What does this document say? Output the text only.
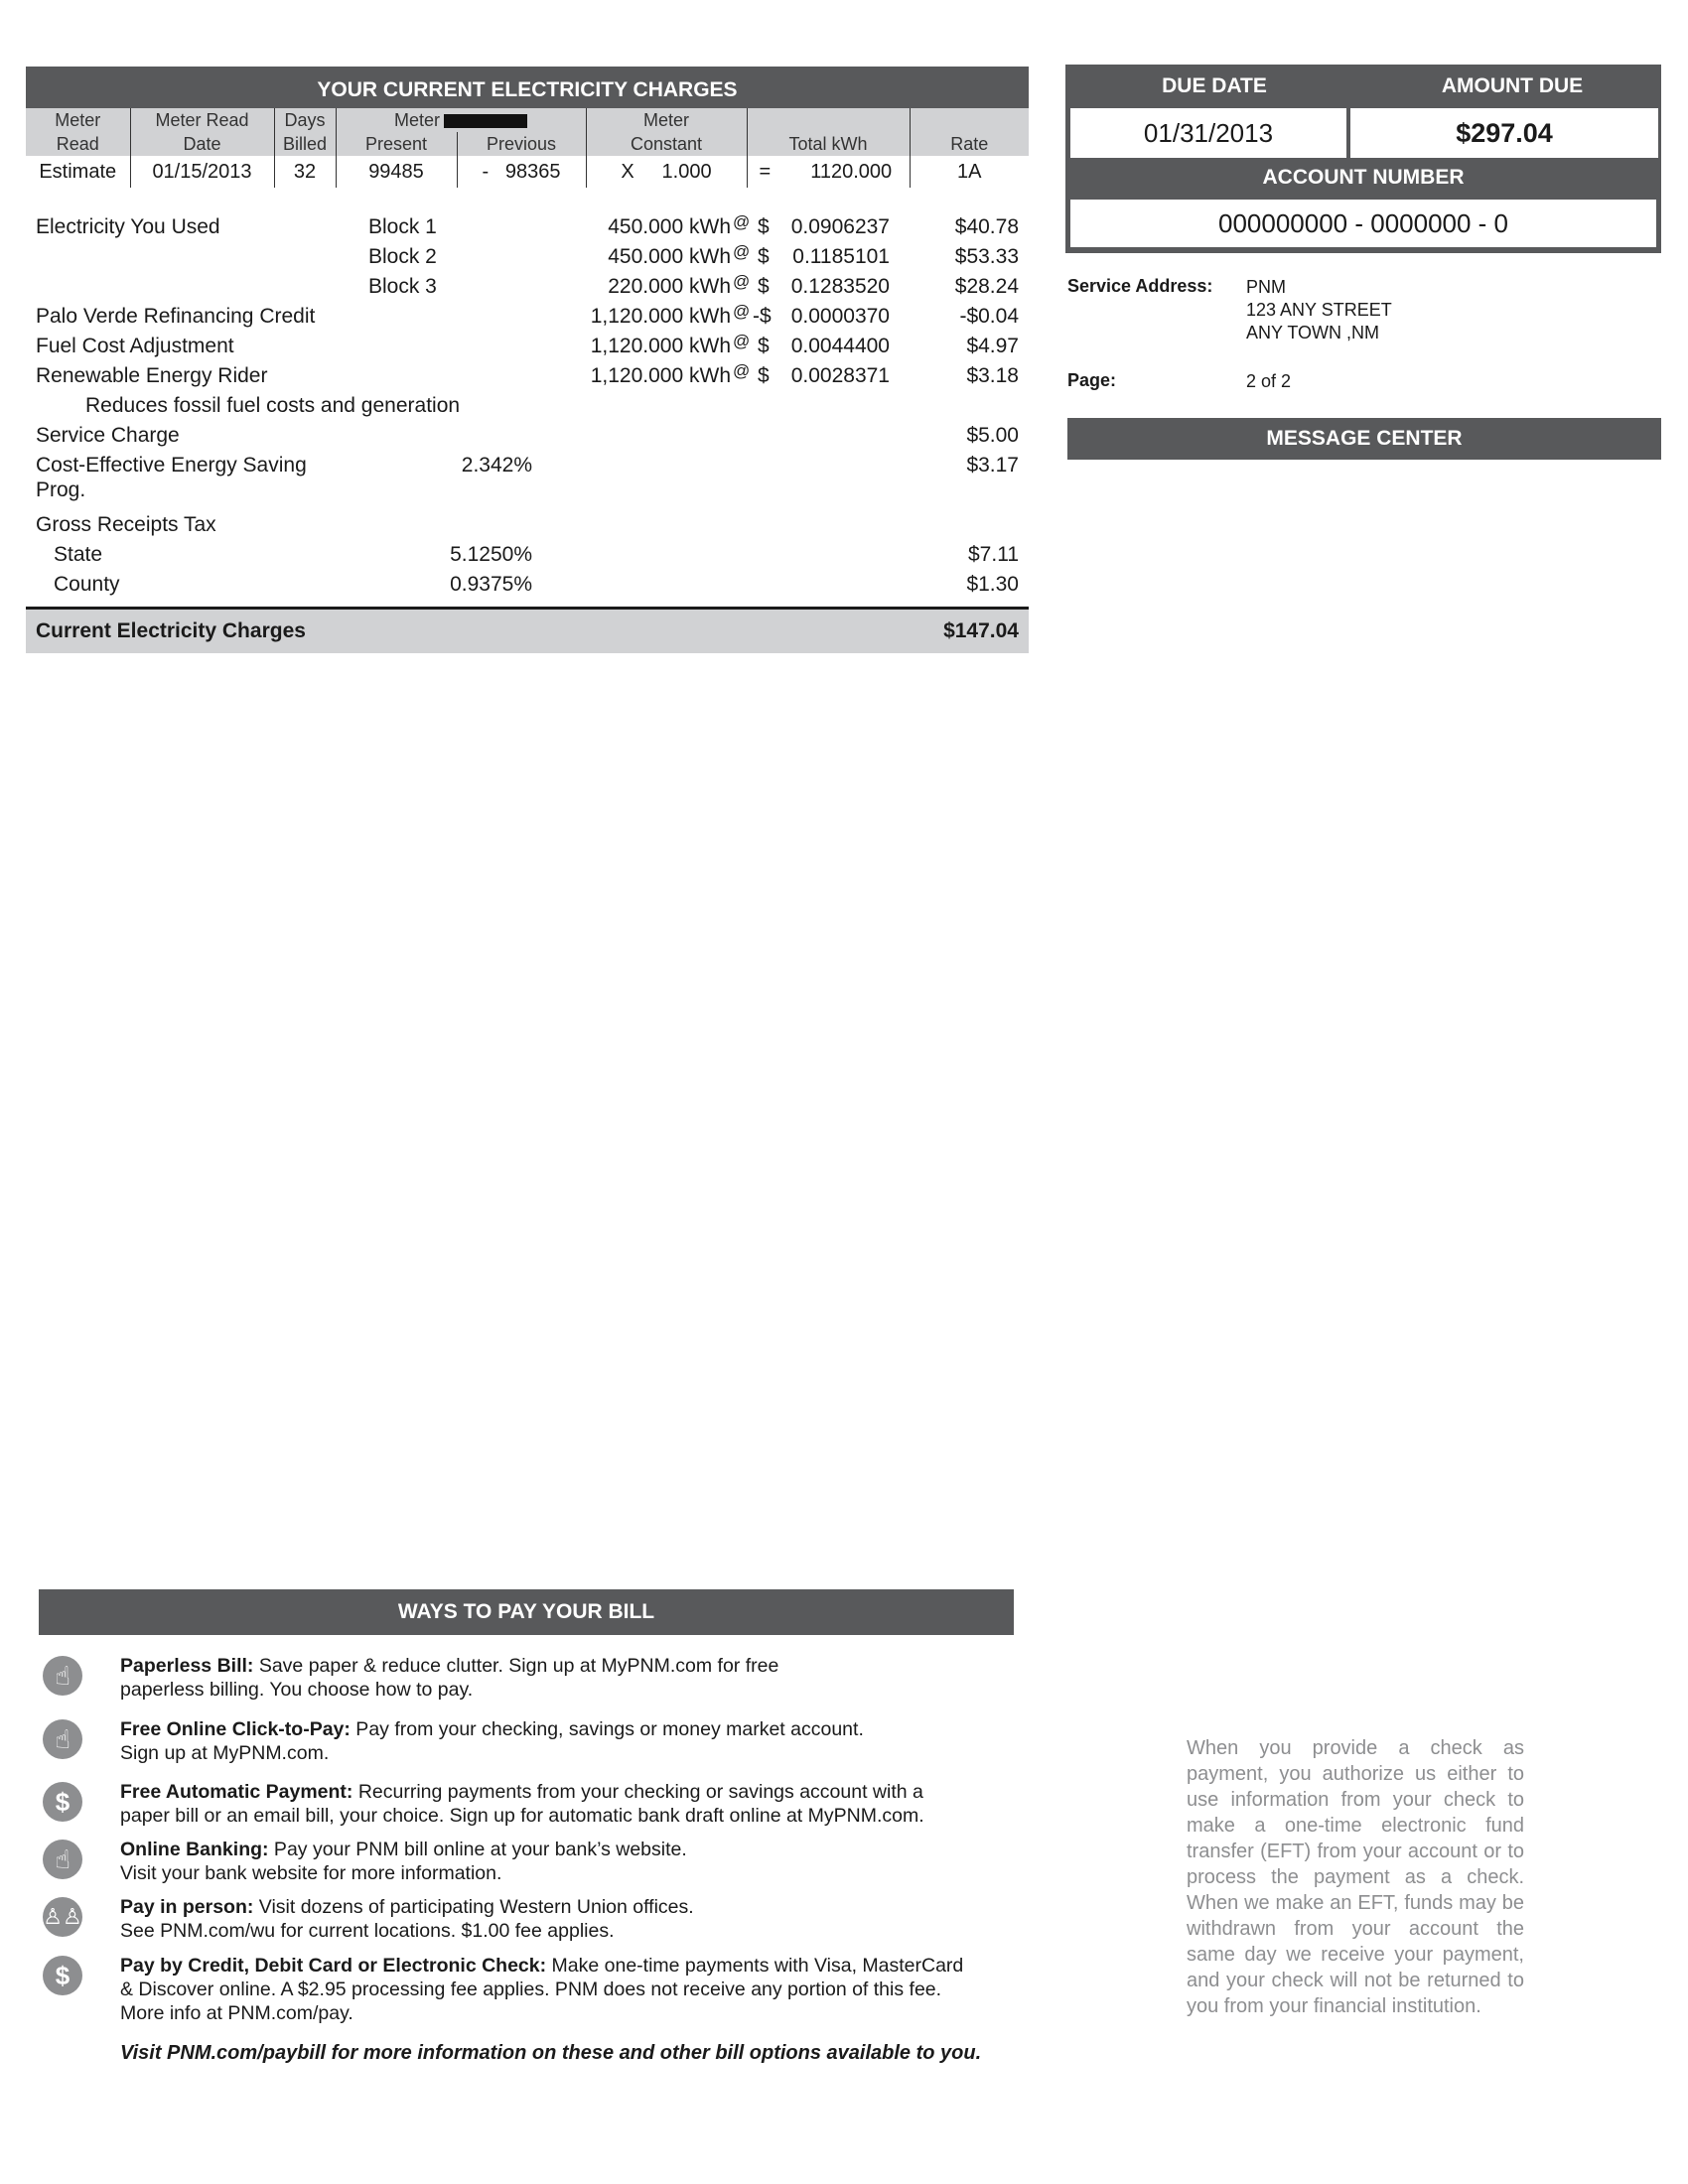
YOUR CURRENT ELECTRICITY CHARGES
Meter	Meter Read	Days	Meter		Meter		
Read	Date	Billed	Present	Previous	Constant	Total kWh	Rate
Estimate	01/15/2013	32	99485	- 98365	X 1.000	= 1120.000	1A
Electricity You Used	Block 1	450.000 kWh @ $ 0.0906237	$40.78
Block 2	450.000 kWh @ $ 0.1185101	$53.33
Block 3	220.000 kWh @ $ 0.1283520	$28.24
Palo Verde Refinancing Credit	1,120.000 kWh @ -$ 0.0000370	-$0.04
Fuel Cost Adjustment	1,120.000 kWh @ $ 0.0044400	$4.97
Renewable Energy Rider	1,120.000 kWh @ $ 0.0028371	$3.18
Reduces fossil fuel costs and generation
Service Charge	$5.00
Cost-Effective Energy Saving
Prog.
2.342%	$3.17
Gross Receipts Tax
State	5.1250%	$7.11
County	0.9375%	$1.30
Current Electricity Charges	$147.04
DUE DATE	AMOUNT DUE
01/31/2013	$297.04
ACCOUNT NUMBER
000000000 - 0000000 - 0
Service Address: PNM
123 ANY STREET
ANY TOWN ,NM
Page:	2 of 2
MESSAGE CENTER
WAYS TO PAY YOUR BILL
☝	Paperless Bill: Save paper & reduce clutter. Sign up at MyPNM.com for free
paperless billing. You choose how to pay.
☝	Free Online Click-to-Pay: Pay from your checking, savings or money market account.
Sign up at MyPNM.com.
$	Free Automatic Payment: Recurring payments from your checking or savings account with a
paper bill or an email bill, your choice. Sign up for automatic bank draft online at MyPNM.com.
☝	Online Banking: Pay your PNM bill online at your bank’s website.
Visit your bank website for more information.
♙♙ Pay in person: Visit dozens of participating Western Union offices.
See PNM.com/wu for current locations. $1.00 fee applies.
$	Pay by Credit, Debit Card or Electronic Check: Make one-time payments with Visa, MasterCard
& Discover online. A $2.95 processing fee applies. PNM does not receive any portion of this fee.
More info at PNM.com/pay.
Visit PNM.com/paybill for more information on these and other bill options available to you.
When you provide a check as payment, you authorize us either to use information from your check to make a one-time electronic fund transfer (EFT) from your account or to process the payment as a check. When we make an EFT, funds may be withdrawn from your account the same day we receive your payment, and your check will not be returned to you from your financial institution.
